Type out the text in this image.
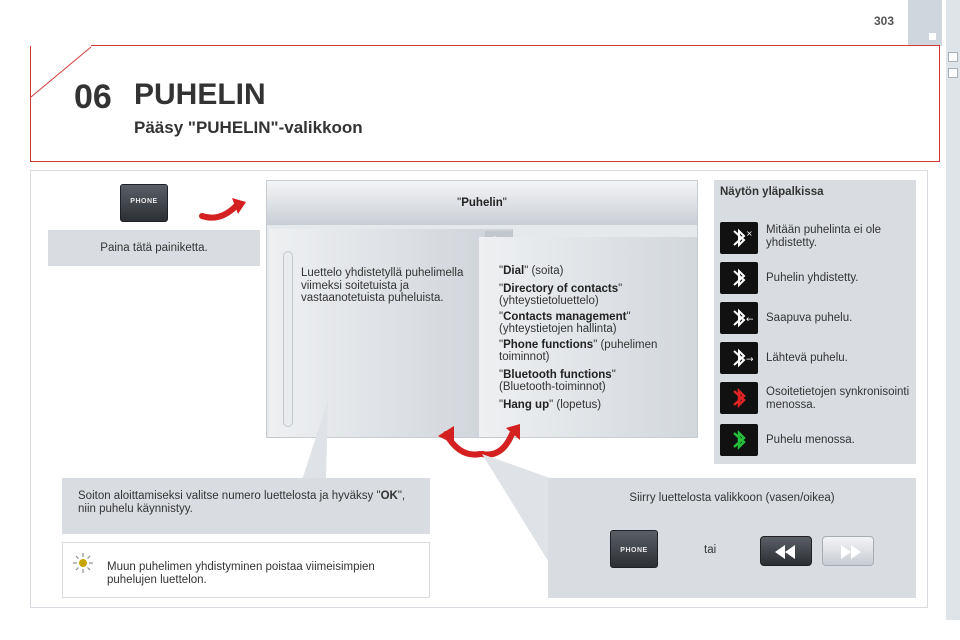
303
06 PUHELIN
Pääsy "PUHELIN"-valikkoon
PHONE
Paina tätä painiketta.
"Puhelin"
Luettelo yhdistetyllä puhelimella viimeksi soitetuista ja vastaanotetuista puheluista.
"Dial" (soita)
"Directory of contacts"
(yhteystietoluettelo)
"Contacts management"
(yhteystietojen hallinta)
"Phone functions" (puhelimen toiminnot)
"Bluetooth functions"
(Bluetooth-toiminnot)
"Hang up" (lopetus)
Näytön yläpalkissa
× Mitään puhelinta ei ole yhdistetty.
Puhelin yhdistetty.
← Saapuva puhelu.
→ Lähtevä puhelu.
Osoitetietojen synkronisointi menossa.
Puhelu menossa.
Soiton aloittamiseksi valitse numero luettelosta ja hyväksy "OK", niin puhelu käynnistyy.
Muun puhelimen yhdistyminen poistaa viimeisimpien puhelujen luettelon.
Siirry luettelosta valikkoon (vasen/oikea)
PHONE	tai
